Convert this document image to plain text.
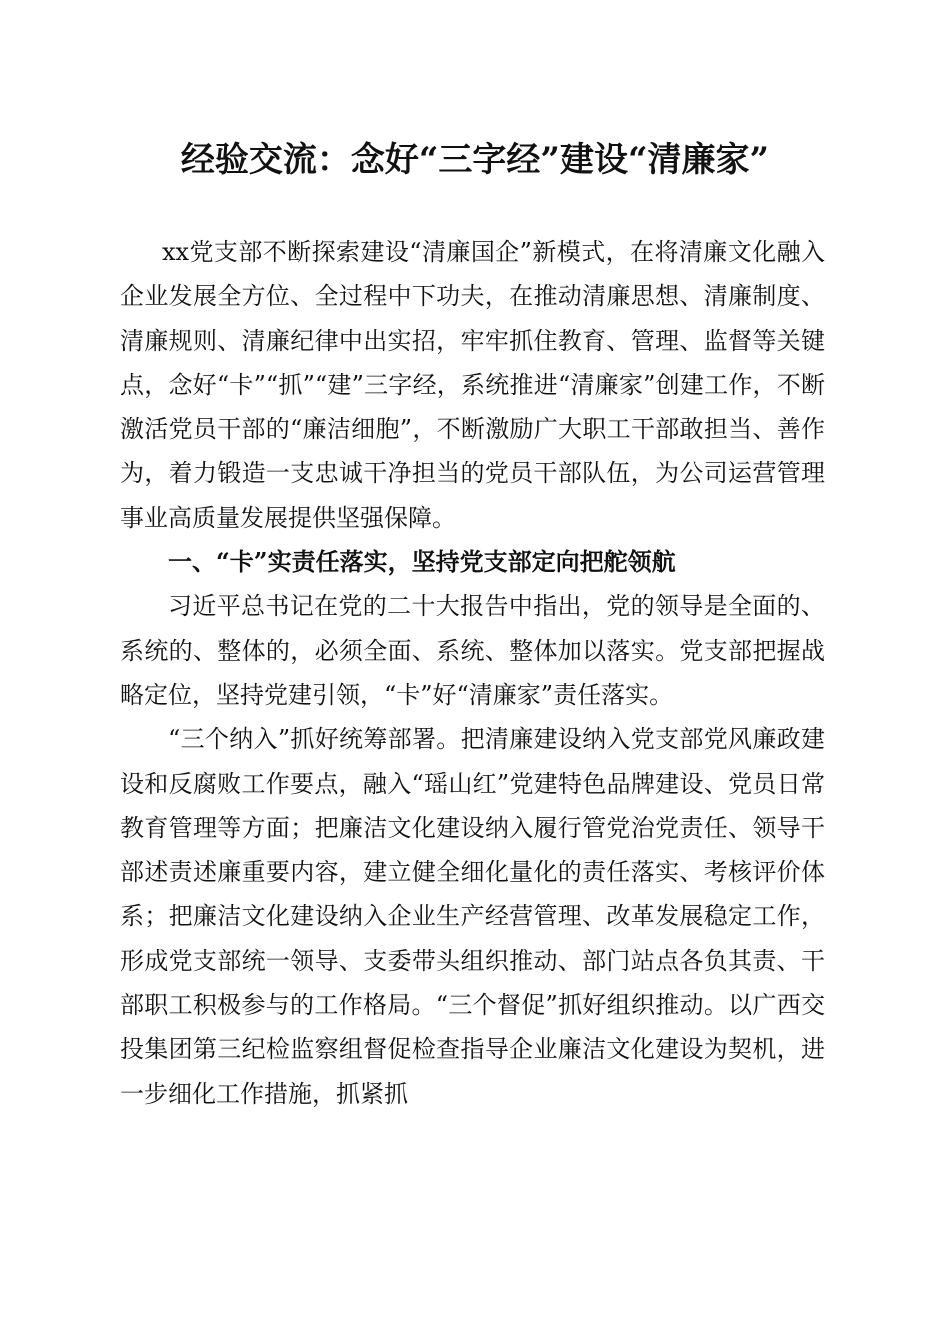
经验交流：念好“三字经”建设“清廉家”

xx党支部不断探索建设“清廉国企”新模式，在将清廉文化融入企业发展全方位、全过程中下功夫，在推动清廉思想、清廉制度、清廉规则、清廉纪律中出实招，牢牢抓住教育、管理、监督等关键点，念好“卡”“抓”“建”三字经，系统推进“清廉家”创建工作，不断激活党员干部的“廉洁细胞”，不断激励广大职工干部敢担当、善作为，着力锻造一支忠诚干净担当的党员干部队伍，为公司运营管理事业高质量发展提供坚强保障。

一、“卡”实责任落实，坚持党支部定向把舵领航

习近平总书记在党的二十大报告中指出，党的领导是全面的、系统的、整体的，必须全面、系统、整体加以落实。党支部把握战略定位，坚持党建引领，“卡”好“清廉家”责任落实。

“三个纳入”抓好统筹部署。把清廉建设纳入党支部党风廉政建设和反腐败工作要点，融入“瑶山红”党建特色品牌建设、党员日常教育管理等方面；把廉洁文化建设纳入履行管党治党责任、领导干部述责述廉重要内容，建立健全细化量化的责任落实、考核评价体系；把廉洁文化建设纳入企业生产经营管理、改革发展稳定工作，形成党支部统一领导、支委带头组织推动、部门站点各负其责、干部职工积极参与的工作格局。“三个督促”抓好组织推动。以广西交投集团第三纪检监察组督促检查指导企业廉洁文化建设为契机，进一步细化工作措施，抓紧抓
